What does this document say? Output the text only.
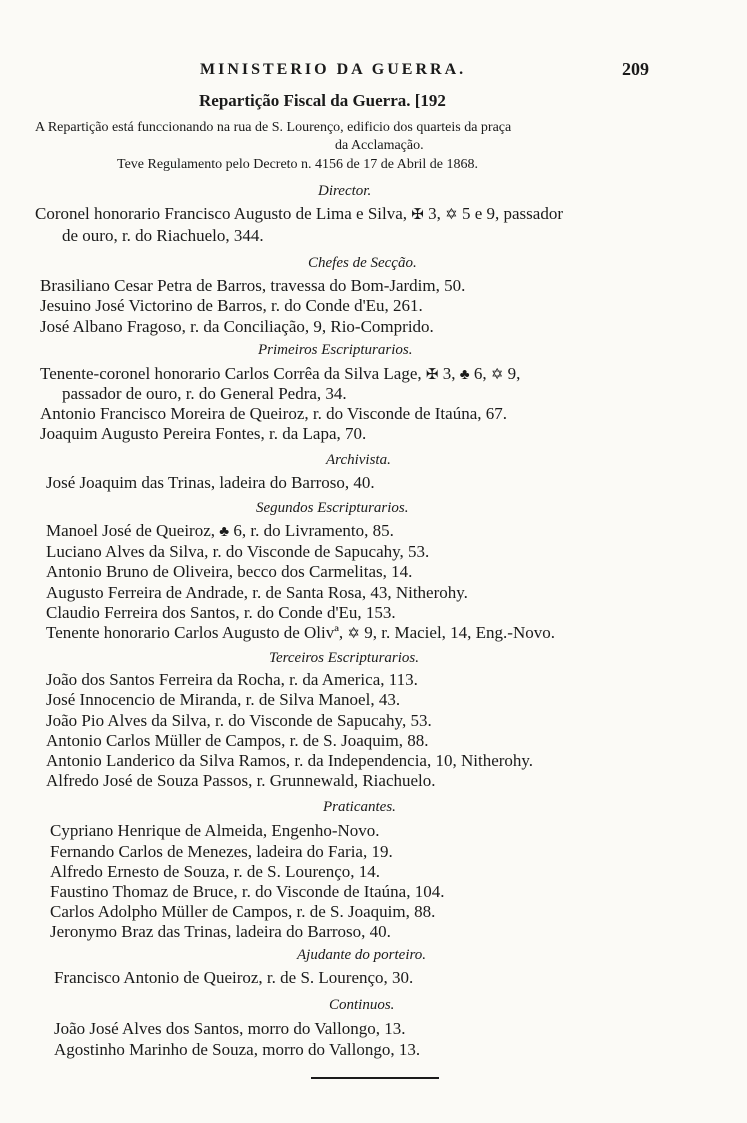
MINISTERIO DA GUERRA.	209
Repartição Fiscal da Guerra. [192
A Repartição está funccionando na rua de S. Lourenço, edificio dos quarteis da praça
da Acclamação.
Teve Regulamento pelo Decreto n. 4156 de 17 de Abril de 1868.
Director.
Coronel honorario Francisco Augusto de Lima e Silva, ✠ 3, ✡ 5 e 9, passador
de ouro, r. do Riachuelo, 344.
Chefes de Secção.
Brasiliano Cesar Petra de Barros, travessa do Bom-Jardim, 50.
Jesuino José Victorino de Barros, r. do Conde d'Eu, 261.
José Albano Fragoso, r. da Conciliação, 9, Rio-Comprido.
Primeiros Escripturarios.
Tenente-coronel honorario Carlos Corrêa da Silva Lage, ✠ 3, ♣ 6, ✡ 9,
passador de ouro, r. do General Pedra, 34.
Antonio Francisco Moreira de Queiroz, r. do Visconde de Itaúna, 67.
Joaquim Augusto Pereira Fontes, r. da Lapa, 70.
Archivista.
José Joaquim das Trinas, ladeira do Barroso, 40.
Segundos Escripturarios.
Manoel José de Queiroz, ♣ 6, r. do Livramento, 85.
Luciano Alves da Silva, r. do Visconde de Sapucahy, 53.
Antonio Bruno de Oliveira, becco dos Carmelitas, 14.
Augusto Ferreira de Andrade, r. de Santa Rosa, 43, Nitherohy.
Claudio Ferreira dos Santos, r. do Conde d'Eu, 153.
Tenente honorario Carlos Augusto de Olivª, ✡ 9, r. Maciel, 14, Eng.-Novo.
Terceiros Escripturarios.
João dos Santos Ferreira da Rocha, r. da America, 113.
José Innocencio de Miranda, r. de Silva Manoel, 43.
João Pio Alves da Silva, r. do Visconde de Sapucahy, 53.
Antonio Carlos Müller de Campos, r. de S. Joaquim, 88.
Antonio Landerico da Silva Ramos, r. da Independencia, 10, Nitherohy.
Alfredo José de Souza Passos, r. Grunnewald, Riachuelo.
Praticantes.
Cypriano Henrique de Almeida, Engenho-Novo.
Fernando Carlos de Menezes, ladeira do Faria, 19.
Alfredo Ernesto de Souza, r. de S. Lourenço, 14.
Faustino Thomaz de Bruce, r. do Visconde de Itaúna, 104.
Carlos Adolpho Müller de Campos, r. de S. Joaquim, 88.
Jeronymo Braz das Trinas, ladeira do Barroso, 40.
Ajudante do porteiro.
Francisco Antonio de Queiroz, r. de S. Lourenço, 30.
Continuos.
João José Alves dos Santos, morro do Vallongo, 13.
Agostinho Marinho de Souza, morro do Vallongo, 13.
